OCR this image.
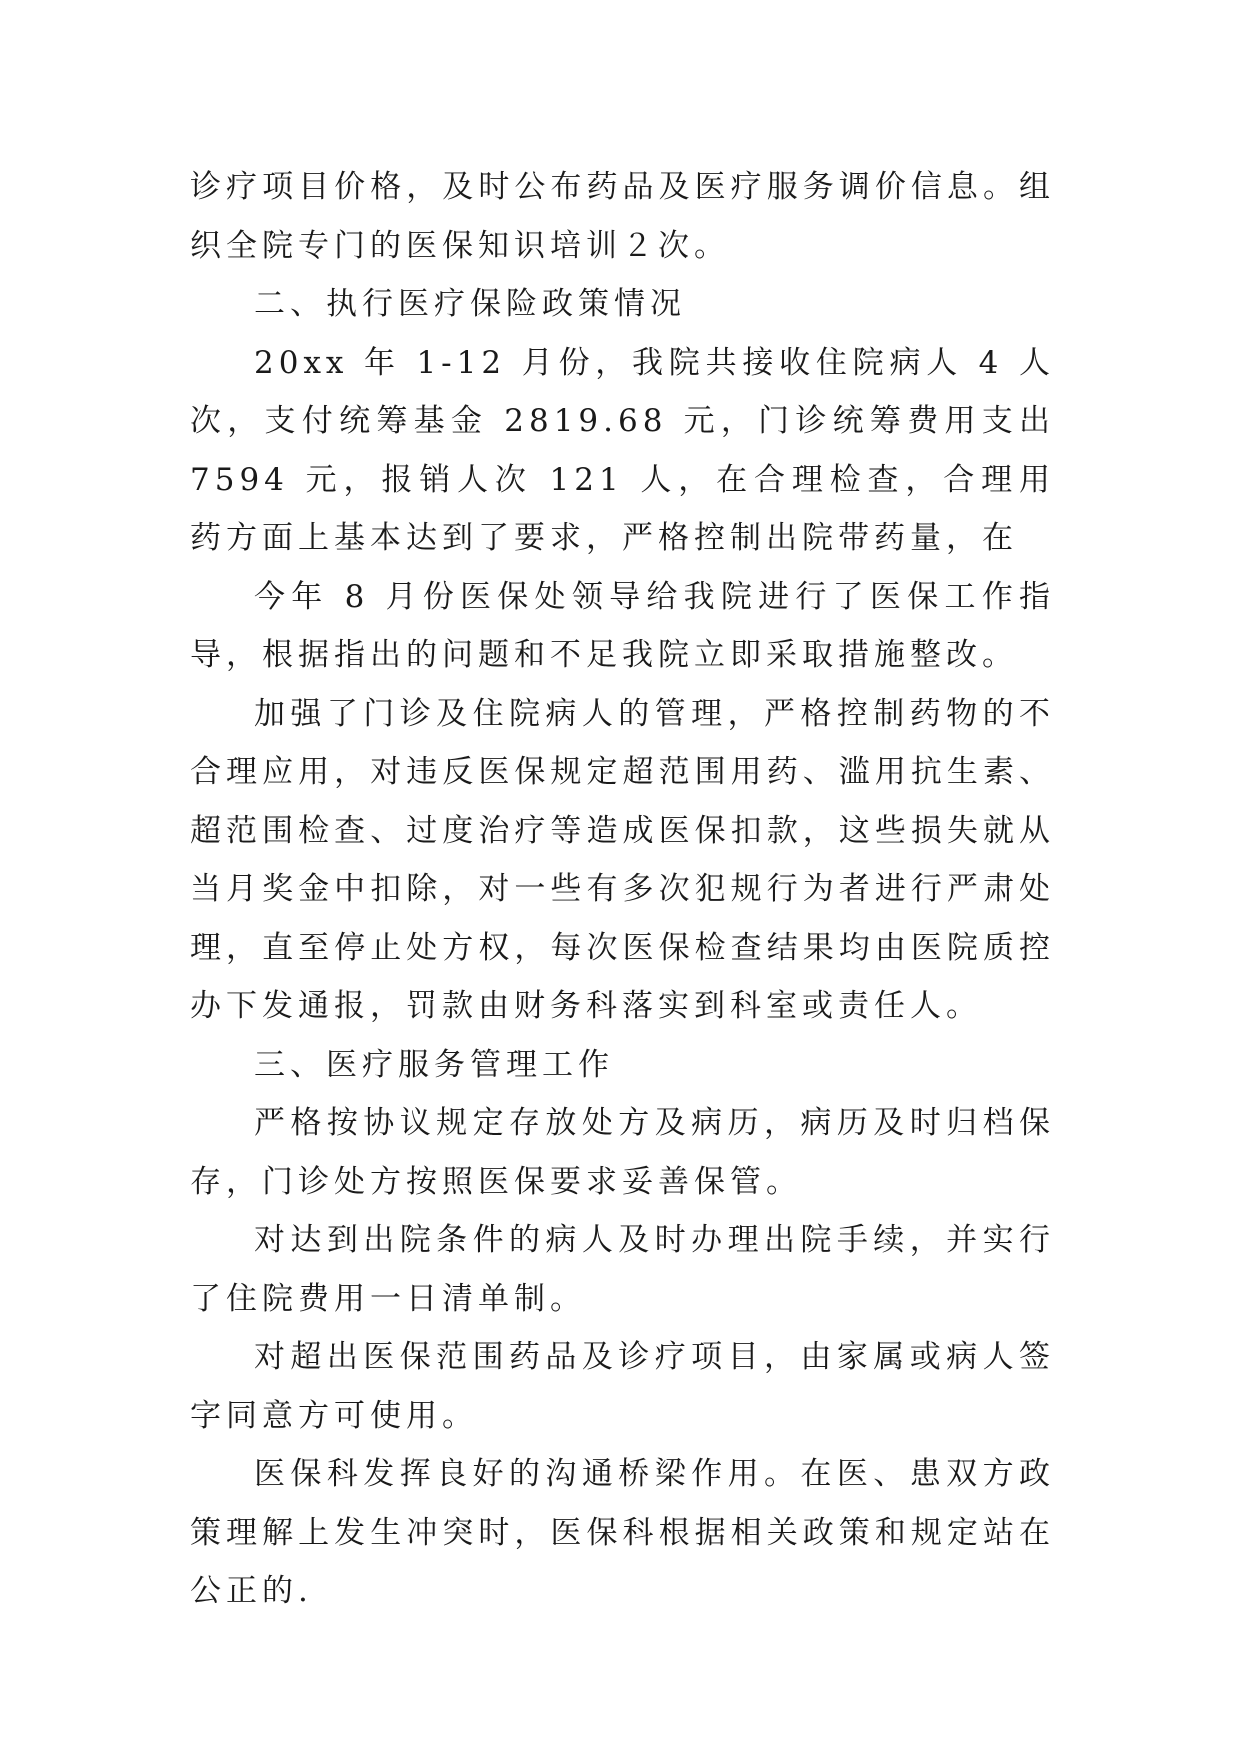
诊疗项目价格，及时公布药品及医疗服务调价信息。组织全院专门的医保知识培训２次。

二、执行医疗保险政策情况

20xx 年 1-12 月份，我院共接收住院病人 4 人次，支付统筹基金 2819.68 元，门诊统筹费用支出 7594 元，报销人次 121 人，在合理检查，合理用药方面上基本达到了要求，严格控制出院带药量，在

今年 8 月份医保处领导给我院进行了医保工作指导，根据指出的问题和不足我院立即采取措施整改。

加强了门诊及住院病人的管理，严格控制药物的不合理应用，对违反医保规定超范围用药、滥用抗生素、超范围检查、过度治疗等造成医保扣款，这些损失就从当月奖金中扣除，对一些有多次犯规行为者进行严肃处理，直至停止处方权，每次医保检查结果均由医院质控办下发通报，罚款由财务科落实到科室或责任人。

三、医疗服务管理工作

严格按协议规定存放处方及病历，病历及时归档保存，门诊处方按照医保要求妥善保管。

对达到出院条件的病人及时办理出院手续，并实行了住院费用一日清单制。

对超出医保范围药品及诊疗项目，由家属或病人签字同意方可使用。

医保科发挥良好的沟通桥梁作用。在医、患双方政策理解上发生冲突时，医保科根据相关政策和规定站在公正的.
